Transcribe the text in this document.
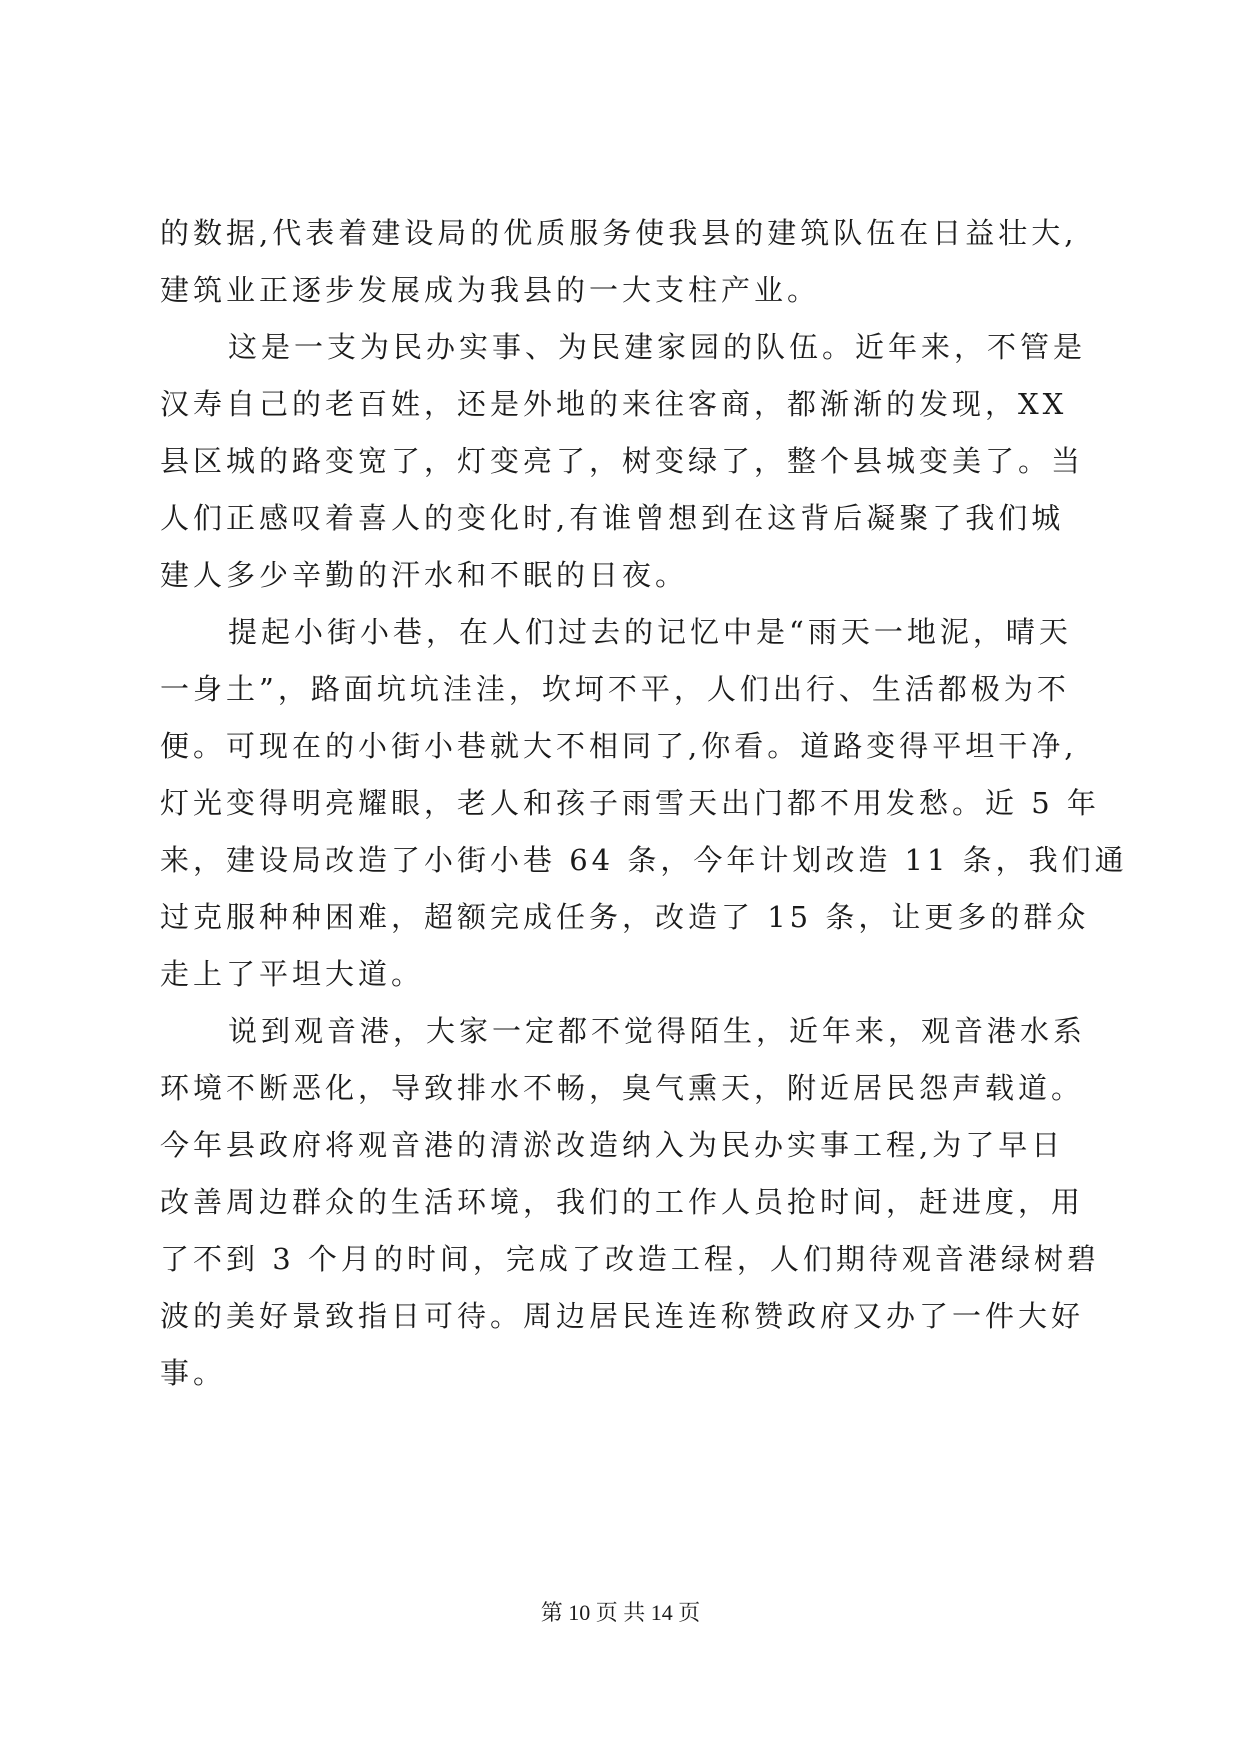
的数据,代表着建设局的优质服务使我县的建筑队伍在日益壮大,
建筑业正逐步发展成为我县的一大支柱产业。
这是一支为民办实事、为民建家园的队伍。近年来，不管是
汉寿自己的老百姓，还是外地的来往客商，都渐渐的发现，XX
县区城的路变宽了，灯变亮了，树变绿了，整个县城变美了。当
人们正感叹着喜人的变化时,有谁曾想到在这背后凝聚了我们城
建人多少辛勤的汗水和不眠的日夜。
提起小街小巷，在人们过去的记忆中是“雨天一地泥，晴天
一身土”，路面坑坑洼洼，坎坷不平，人们出行、生活都极为不
便。可现在的小街小巷就大不相同了,你看。道路变得平坦干净,
灯光变得明亮耀眼，老人和孩子雨雪天出门都不用发愁。近 5 年
来，建设局改造了小街小巷 64 条，今年计划改造 11 条，我们通
过克服种种困难，超额完成任务，改造了 15 条，让更多的群众
走上了平坦大道。
说到观音港，大家一定都不觉得陌生，近年来，观音港水系
环境不断恶化，导致排水不畅，臭气熏天，附近居民怨声载道。
今年县政府将观音港的清淤改造纳入为民办实事工程,为了早日
改善周边群众的生活环境，我们的工作人员抢时间，赶进度，用
了不到 3 个月的时间，完成了改造工程，人们期待观音港绿树碧
波的美好景致指日可待。周边居民连连称赞政府又办了一件大好
事。
第 10 页 共 14 页
